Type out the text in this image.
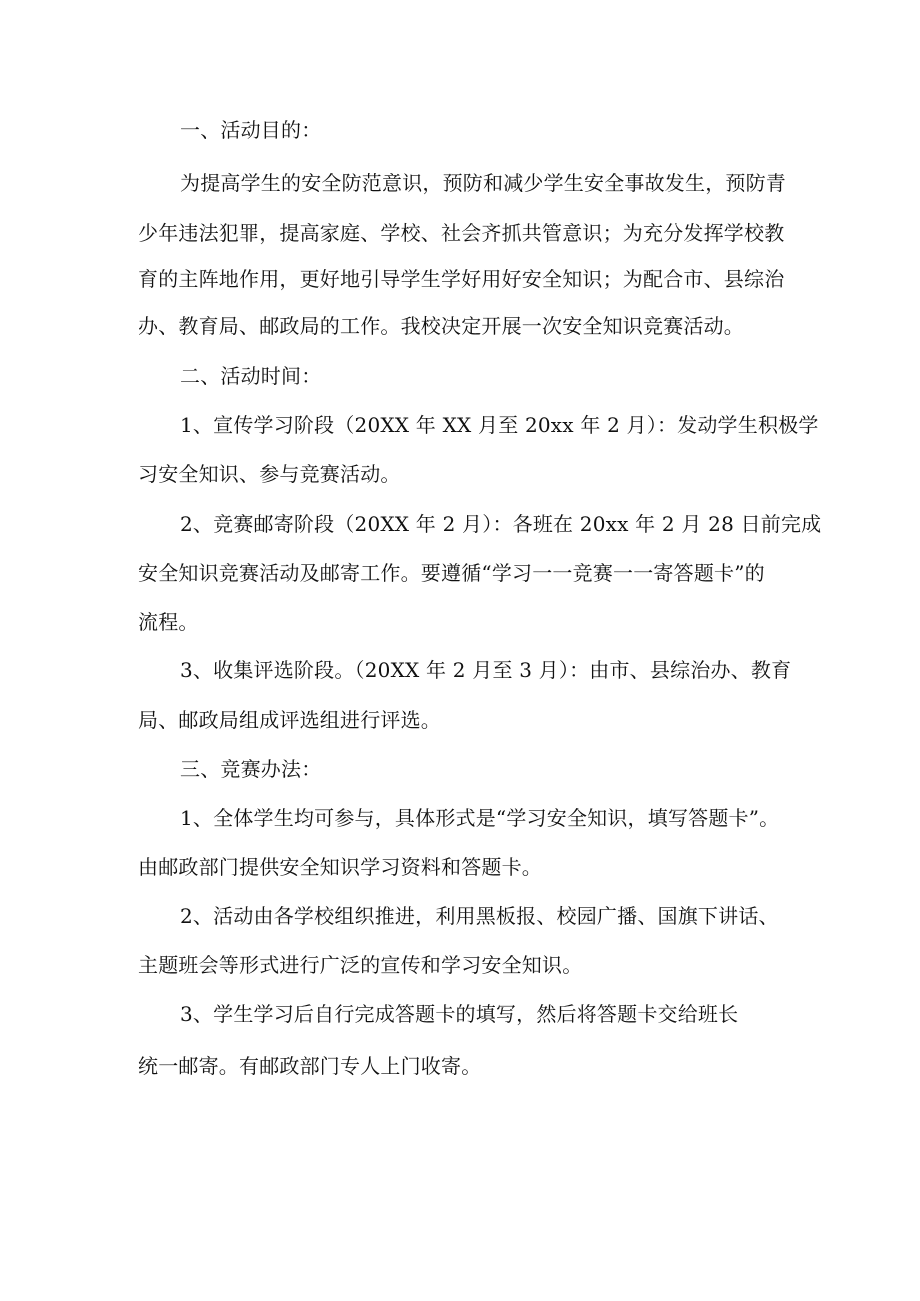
一、活动目的：
为提高学生的安全防范意识，预防和减少学生安全事故发生，预防青
少年违法犯罪，提高家庭、学校、社会齐抓共管意识；为充分发挥学校教
育的主阵地作用，更好地引导学生学好用好安全知识；为配合市、县综治
办、教育局、邮政局的工作。我校决定开展一次安全知识竞赛活动。
二、活动时间：
1、宣传学习阶段（20XX 年 XX 月至 20xx 年 2 月）：发动学生积极学
习安全知识、参与竞赛活动。
2、竞赛邮寄阶段（20XX 年 2 月）：各班在 20xx 年 2 月 28 日前完成
安全知识竞赛活动及邮寄工作。要遵循“学习一一竞赛一一寄答题卡”的
流程。
3、收集评选阶段。（20XX 年 2 月至 3 月）：由市、县综治办、教育
局、邮政局组成评选组进行评选。
三、竞赛办法：
1、全体学生均可参与，具体形式是“学习安全知识，填写答题卡”。
由邮政部门提供安全知识学习资料和答题卡。
2、活动由各学校组织推进，利用黑板报、校园广播、国旗下讲话、
主题班会等形式进行广泛的宣传和学习安全知识。
3、学生学习后自行完成答题卡的填写，然后将答题卡交给班长
统一邮寄。有邮政部门专人上门收寄。
